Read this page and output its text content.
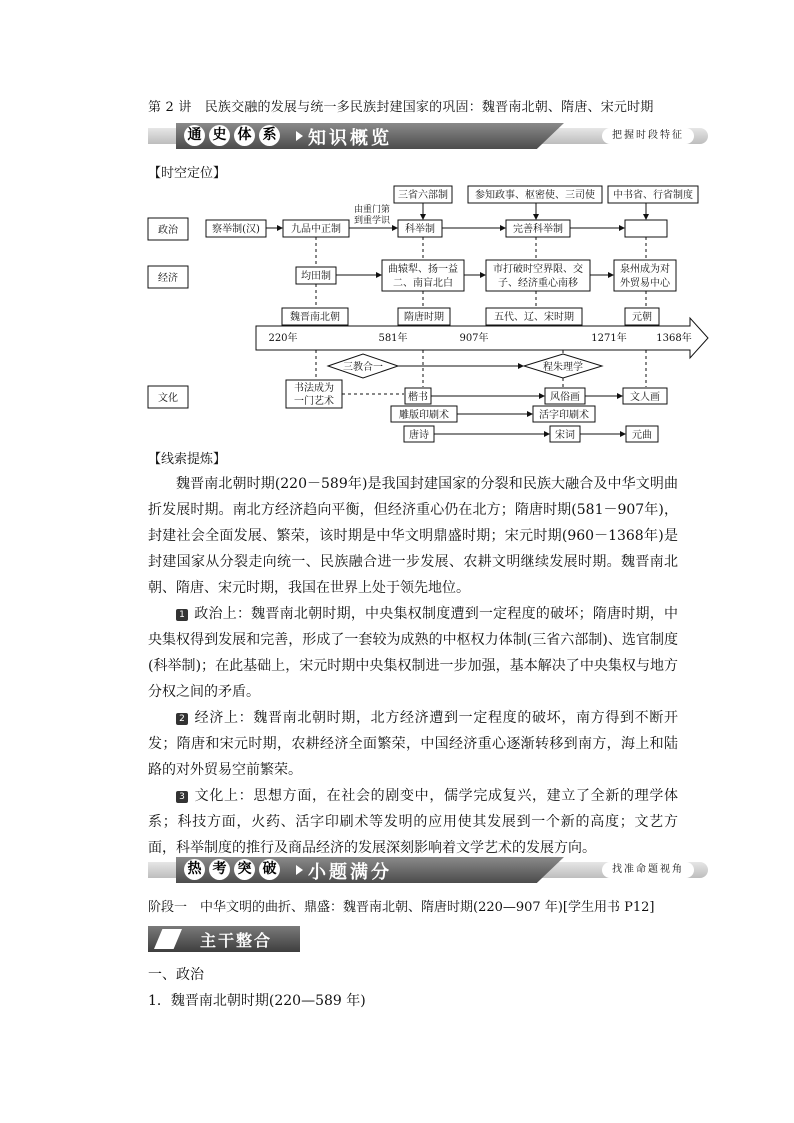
第 2 讲　民族交融的发展与统一多民族封建国家的巩固：魏晋南北朝、隋唐、宋元时期
通 史 体 系 知识概览	把握时段特征
【时空定位】
政治
经济
文化
察举制(汉)	九品中正制
由重门第
到重学识
科举制	完善科举制
三省六部制	参知政事、枢密使、三司使 中书省、行省制度
均田制
曲辕犁、扬一益
二、南盲北白
市打破时空界限、交
子、经济重心南移
泉州成为对
外贸易中心
魏晋南北朝	隋唐时期	五代、辽、宋时期	元朝
220年	581年	907年	1271年	1368年
三教合一	程朱理学
书法成为
一门艺术	楷书	风俗画	文人画
雕版印刷术	活字印刷术
唐诗	宋词	元曲
【线索提炼】

魏晋南北朝时期(220－589年)是我国封建国家的分裂和民族大融合及中华文明曲折发展时期。南北方经济趋向平衡，但经济重心仍在北方；隋唐时期(581－907年)，封建社会全面发展、繁荣，该时期是中华文明鼎盛时期；宋元时期(960－1368年)是封建国家从分裂走向统一、民族融合进一步发展、农耕文明继续发展时期。魏晋南北朝、隋唐、宋元时期，我国在世界上处于领先地位。

1 政治上：魏晋南北朝时期，中央集权制度遭到一定程度的破坏；隋唐时期，中央集权得到发展和完善，形成了一套较为成熟的中枢权力体制(三省六部制)、选官制度(科举制)；在此基础上，宋元时期中央集权制进一步加强，基本解决了中央集权与地方分权之间的矛盾。

2 经济上：魏晋南北朝时期，北方经济遭到一定程度的破坏，南方得到不断开发；隋唐和宋元时期，农耕经济全面繁荣，中国经济重心逐渐转移到南方，海上和陆路的对外贸易空前繁荣。

3 文化上：思想方面，在社会的剧变中，儒学完成复兴，建立了全新的理学体系；科技方面，火药、活字印刷术等发明的应用使其发展到一个新的高度；文艺方面，科举制度的推行及商品经济的发展深刻影响着文学艺术的发展方向。

热 考 突 破 小题满分	找准命题视角
阶段一　中华文明的曲折、鼎盛：魏晋南北朝、隋唐时期(220—907 年)[学生用书 P12]
主干整合
一、政治
1．魏晋南北朝时期(220—589 年)
